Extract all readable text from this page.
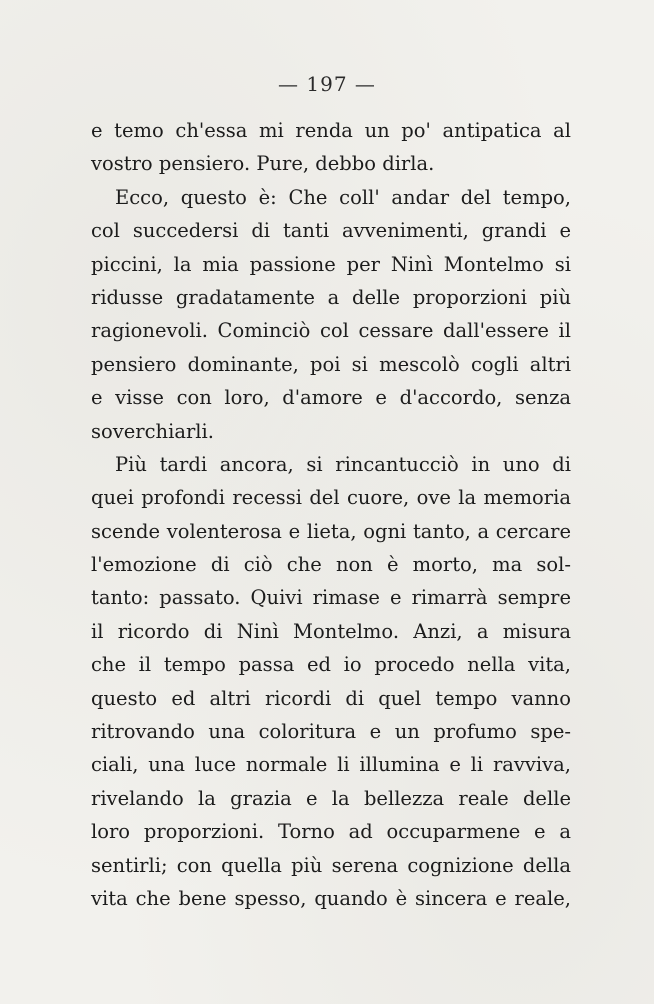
— 197 —
e temo ch'essa mi renda un po' antipatica al
vostro pensiero. Pure, debbo dirla.
Ecco, questo è: Che coll' andar del tempo,
col succedersi di tanti avvenimenti, grandi e
piccini, la mia passione per Ninì Montelmo si
ridusse gradatamente a delle proporzioni più
ragionevoli. Cominciò col cessare dall'essere il
pensiero dominante, poi si mescolò cogli altri
e visse con loro, d'amore e d'accordo, senza
soverchiarli.
Più tardi ancora, si rincantucciò in uno di
quei profondi recessi del cuore, ove la memoria
scende volenterosa e lieta, ogni tanto, a cercare
l'emozione di ciò che non è morto, ma sol-
tanto: passato. Quivi rimase e rimarrà sempre
il ricordo di Ninì Montelmo. Anzi, a misura
che il tempo passa ed io procedo nella vita,
questo ed altri ricordi di quel tempo vanno
ritrovando una coloritura e un profumo spe-
ciali, una luce normale li illumina e li ravviva,
rivelando la grazia e la bellezza reale delle
loro proporzioni. Torno ad occuparmene e a
sentirli; con quella più serena cognizione della
vita che bene spesso, quando è sincera e reale,
